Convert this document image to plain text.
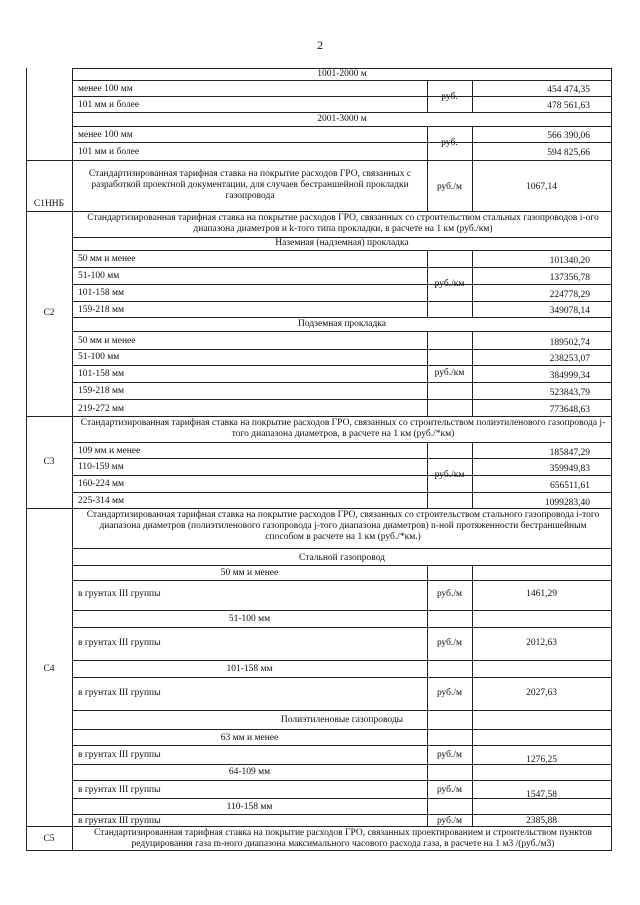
2
1001-2000 м
менее 100 мм	454 474,35
101 мм и более	478 561,63
руб.
2001-3000 м
менее 100 мм	566 390,06
101 мм и более	594 825,66
руб.
С1ННБ
Стандартизированная тарифная ставка на покрытие расходов ГРО, связанных с разработкой проектной документации, для случаев бестраншейной прокладки газопровода
руб./м	1067,14
С2
Стандартизированная тарифная ставка на покрытие расходов ГРО, связанных со строительством стальных газопроводов i-ого диапазона диаметров и k-того типа прокладки, в расчете на 1 км (руб./км)
Наземная (надземная) прокладка
50 мм и менее	101340,20
51-100 мм	137356,78
101-158 мм	224778,29
159-218 мм	349078,14
руб./км
Подземная прокладка
50 мм и менее	189502,74
51-100 мм	238253,07
101-158 мм	384999,34
159-218 мм	523843,79
219-272 мм	773648,63
руб./км
С3
Стандартизированная тарифная ставка на покрытие расходов ГРО, связанных со строительством полиэтиленового газопровода j-того диапазона диаметров, в расчете на 1 км (руб./*км)
109 мм и менее	185847,29
110-159 мм	359949,83
160-224 мм	656511,61
225-314 мм	1099283,40
руб./км
С4
Стандартизированная тарифная ставка на покрытие расходов ГРО, связанных со строительством стального газопровода i-того диапазона диаметров (полиэтиленового газопровода j-того диапазона диаметров) n-ной протяженности бестраншейным способом в расчете на 1 км (руб./*км.)
Стальной газопровод
50 мм и менее
в грунтах III группы	руб./м	1461,29
51-100 мм
в грунтах III группы	руб./м	2012,63
101-158 мм
в грунтах III группы	руб./м	2027,63
Полиэтиленовые газопроводы
63 мм и менее
в грунтах III группы	руб./м	1276,25
64-109 мм
в грунтах III группы	руб./м	1547,58
110-158 мм
в грунтах III группы	руб./м	2385,88
С5
Стандартизированная тарифная ставка на покрытие расходов ГРО, связанных проектированием и строительством пунктов редуцирования газа m-ного диапазона максимального часового расхода газа, в расчете на 1 м3 /(руб./м3)
